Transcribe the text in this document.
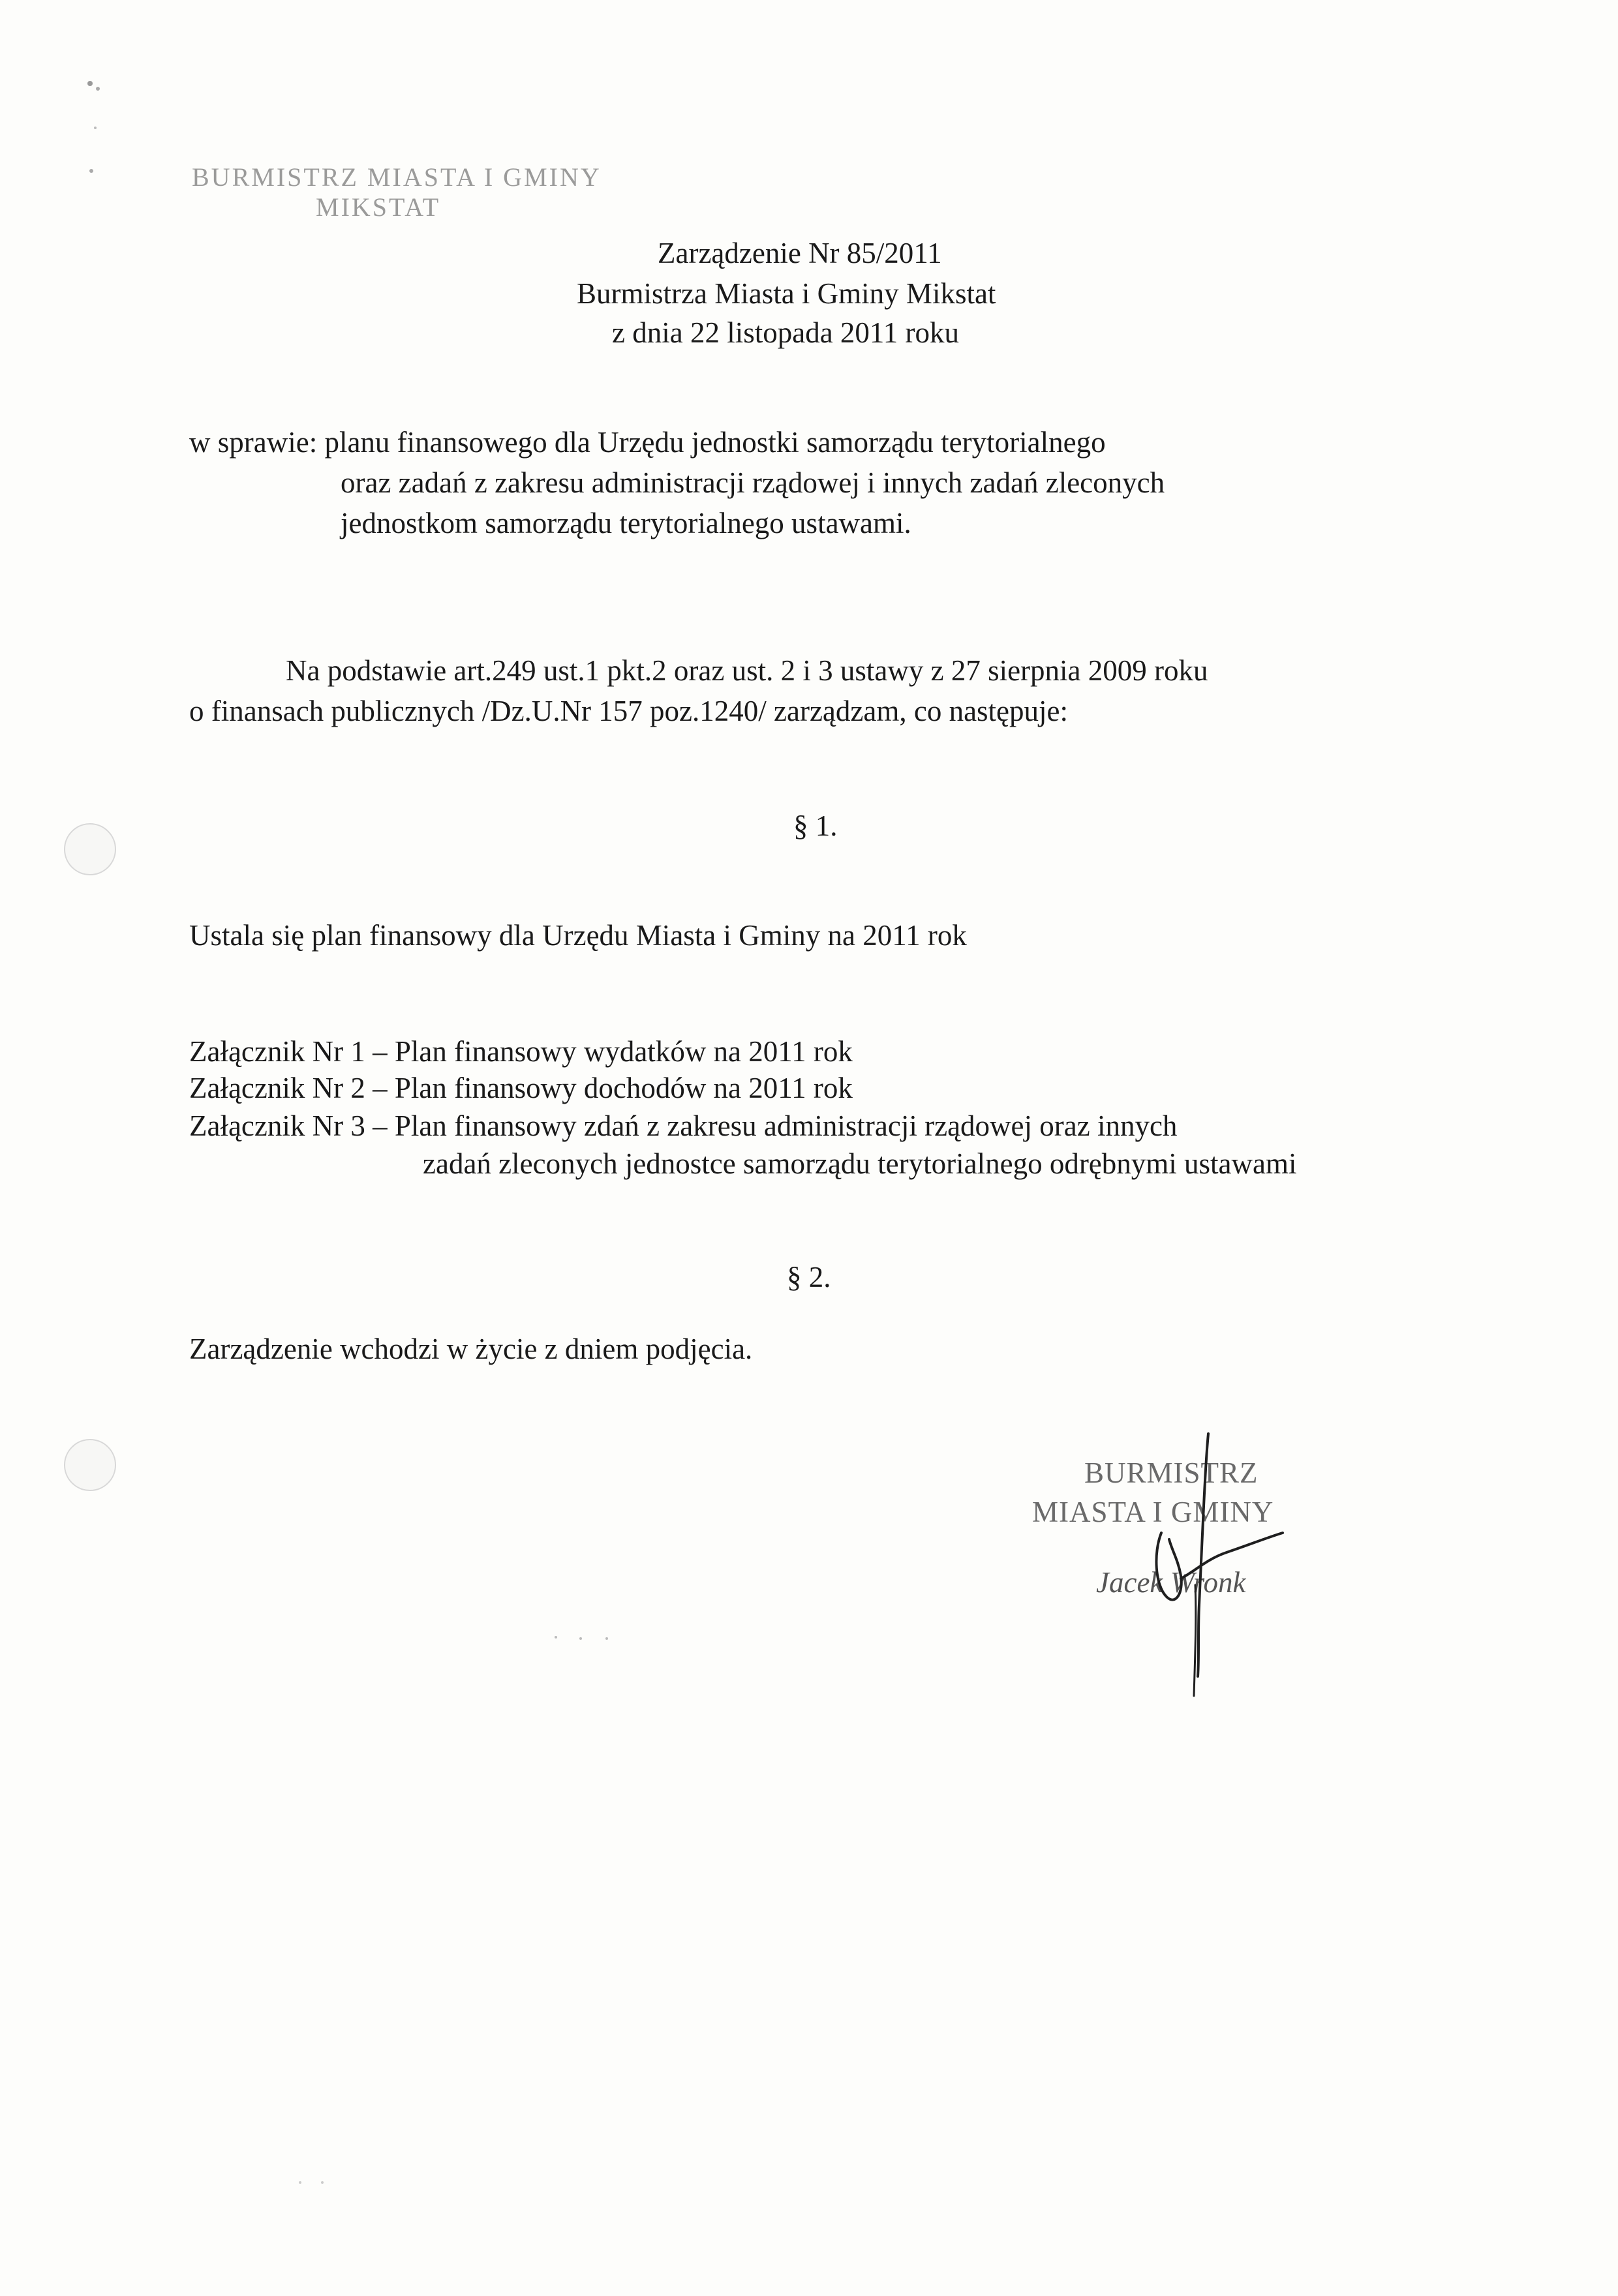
BURMISTRZ MIASTA I GMINY
MIKSTAT
Zarządzenie Nr 85/2011
Burmistrza Miasta i Gminy Mikstat
z dnia 22 listopada 2011 roku
w sprawie: planu finansowego dla Urzędu jednostki samorządu terytorialnego
oraz zadań z zakresu administracji rządowej i innych zadań zleconych
jednostkom samorządu terytorialnego ustawami.
Na podstawie art.249 ust.1 pkt.2 oraz ust. 2 i 3 ustawy z 27 sierpnia 2009 roku
o finansach publicznych /Dz.U.Nr 157 poz.1240/ zarządzam, co następuje:
§ 1.
Ustala się plan finansowy dla Urzędu Miasta i Gminy na 2011 rok
Załącznik Nr 1 – Plan finansowy wydatków na 2011 rok
Załącznik Nr 2 – Plan finansowy dochodów na 2011 rok
Załącznik Nr 3 – Plan finansowy zdań z zakresu administracji rządowej oraz innych
zadań zleconych jednostce samorządu terytorialnego odrębnymi ustawami
§ 2.
Zarządzenie wchodzi w życie z dniem podjęcia.
BURMISTRZ
MIASTA I GMINY
Jacek Wronk
